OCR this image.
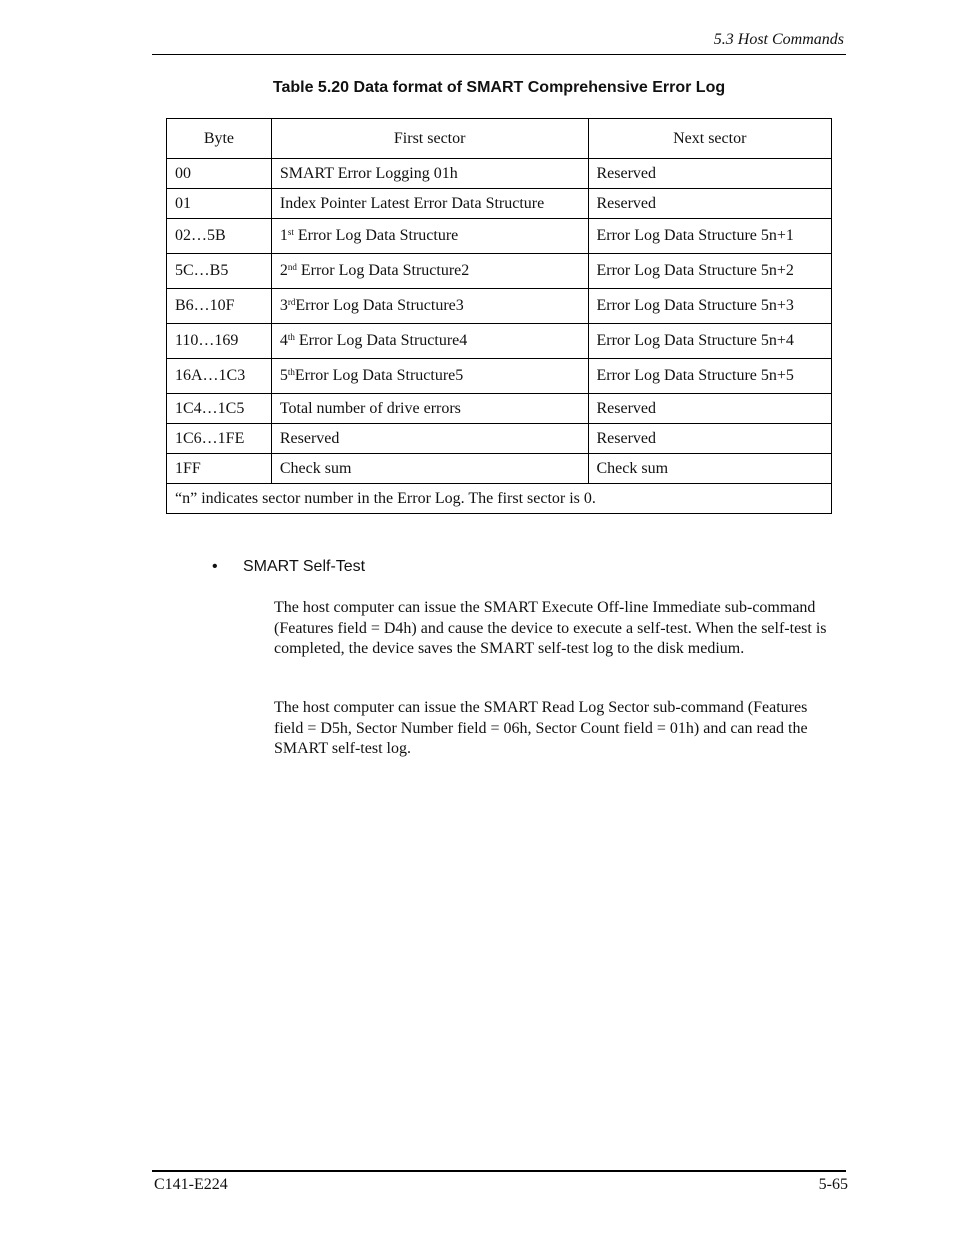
5.3 Host Commands
Table 5.20 Data format of SMART Comprehensive Error Log
Byte	First sector	Next sector
00	SMART Error Logging 01h	Reserved
01	Index Pointer Latest Error Data Structure	Reserved
02…5B	1st Error Log Data Structure	Error Log Data Structure 5n+1
5C…B5	2nd Error Log Data Structure2	Error Log Data Structure 5n+2
B6…10F	3rdError Log Data Structure3	Error Log Data Structure 5n+3
110…169	4th Error Log Data Structure4	Error Log Data Structure 5n+4
16A…1C3	5thError Log Data Structure5	Error Log Data Structure 5n+5
1C4…1C5	Total number of drive errors	Reserved
1C6…1FE	Reserved	Reserved
1FF	Check sum	Check sum
“n” indicates sector number in the Error Log. The first sector is 0.		
• SMART Self-Test
The host computer can issue the SMART Execute Off-line Immediate sub-command (Features field = D4h) and cause the device to execute a self-test. When the self-test is completed, the device saves the SMART self-test log to the disk medium.
The host computer can issue the SMART Read Log Sector sub-command (Features field = D5h, Sector Number field = 06h, Sector Count field = 01h) and can read the SMART self-test log.
C141-E224	5-65
